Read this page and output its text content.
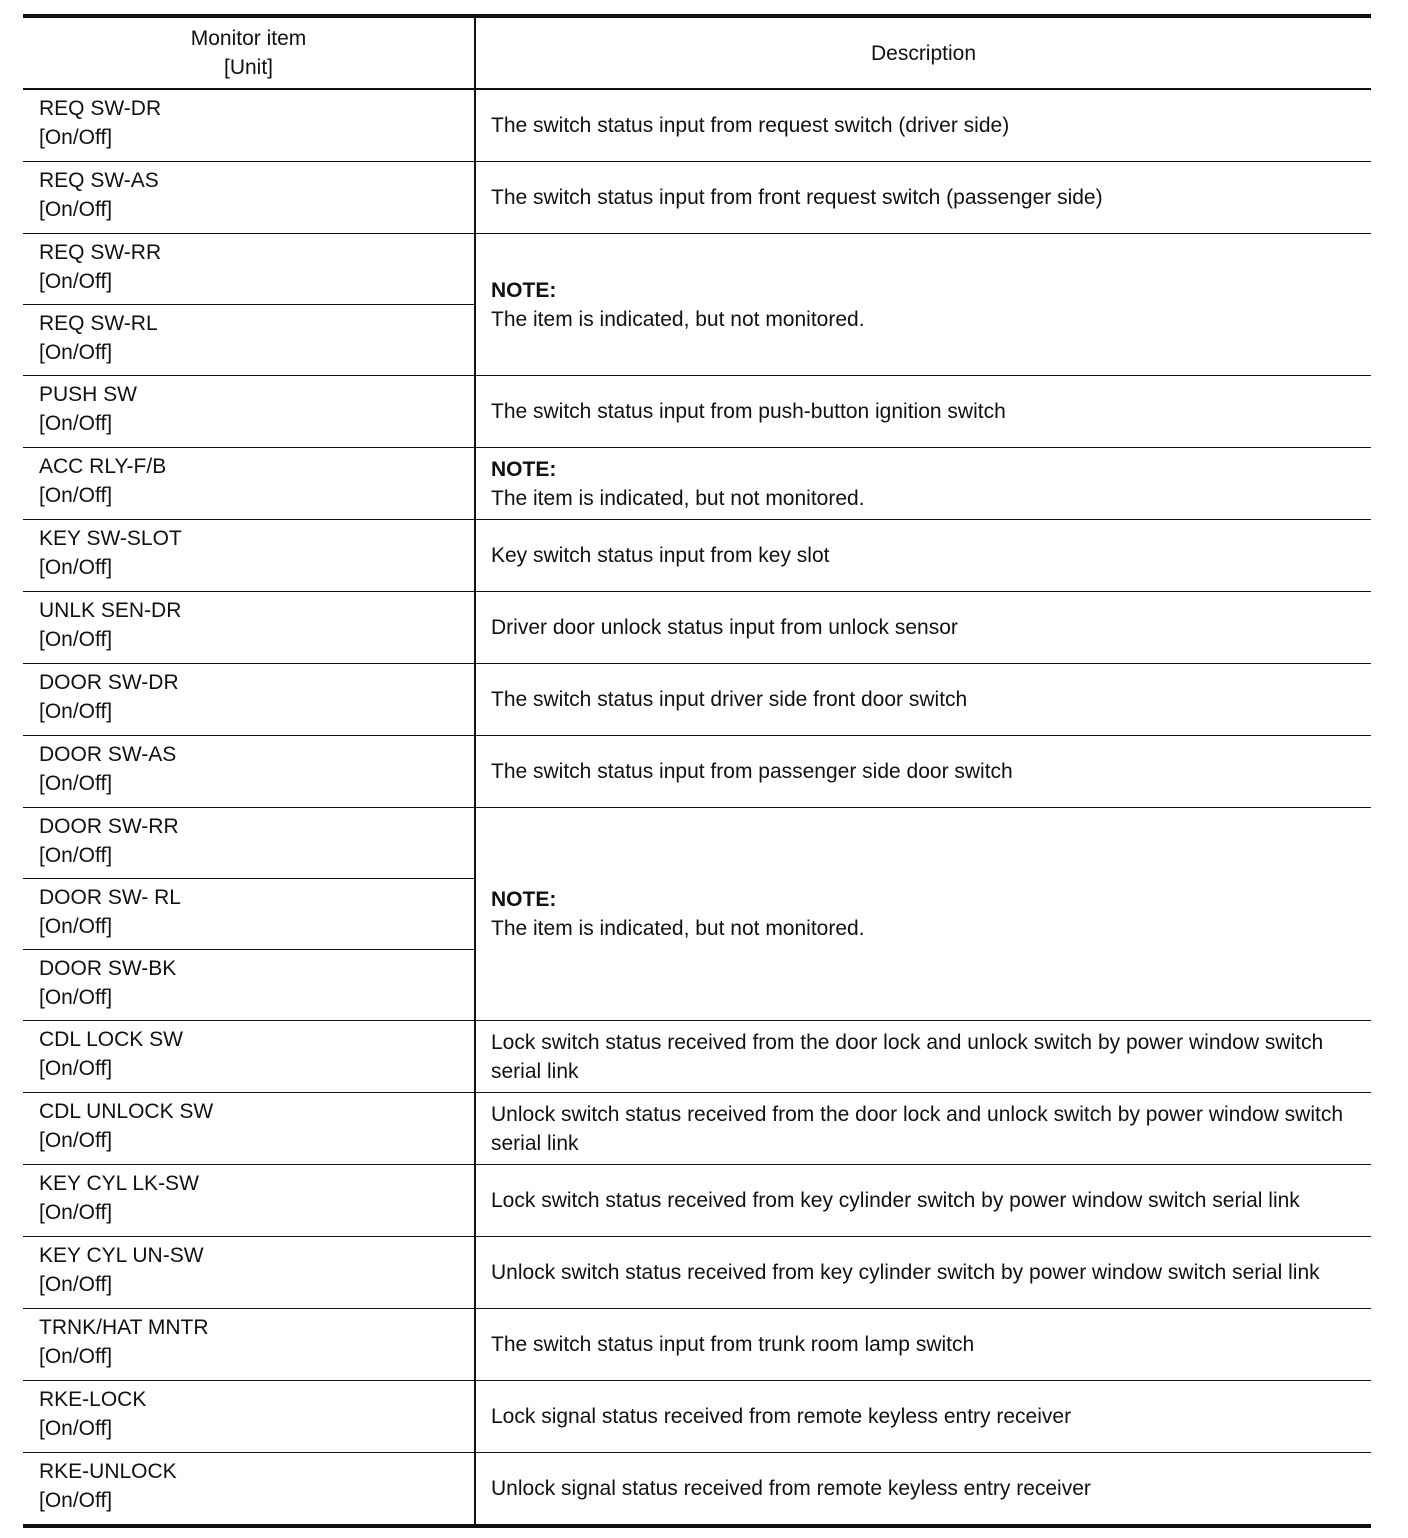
Monitor item
[Unit]	Description

REQ SW-DR
[On/Off]	The switch status input from request switch (driver side)

REQ SW-AS
[On/Off]	The switch status input from front request switch (passenger side)

REQ SW-RR
[On/Off]	NOTE:
The item is indicated, but not monitored.

REQ SW-RL
[On/Off]	

PUSH SW
[On/Off]	The switch status input from push-button ignition switch

ACC RLY-F/B
[On/Off]	NOTE:
The item is indicated, but not monitored.

KEY SW-SLOT
[On/Off]	Key switch status input from key slot

UNLK SEN-DR
[On/Off]	Driver door unlock status input from unlock sensor

DOOR SW-DR
[On/Off]	The switch status input driver side front door switch

DOOR SW-AS
[On/Off]	The switch status input from passenger side door switch

DOOR SW-RR
[On/Off]	NOTE:
The item is indicated, but not monitored.

DOOR SW- RL
[On/Off]	

DOOR SW-BK
[On/Off]	

CDL LOCK SW
[On/Off]	Lock switch status received from the door lock and unlock switch by power window switch serial link

CDL UNLOCK SW
[On/Off]	Unlock switch status received from the door lock and unlock switch by power window switch serial link

KEY CYL LK-SW
[On/Off]	Lock switch status received from key cylinder switch by power window switch serial link

KEY CYL UN-SW
[On/Off]	Unlock switch status received from key cylinder switch by power window switch serial link

TRNK/HAT MNTR
[On/Off]	The switch status input from trunk room lamp switch

RKE-LOCK
[On/Off]	Lock signal status received from remote keyless entry receiver

RKE-UNLOCK
[On/Off]	Unlock signal status received from remote keyless entry receiver
